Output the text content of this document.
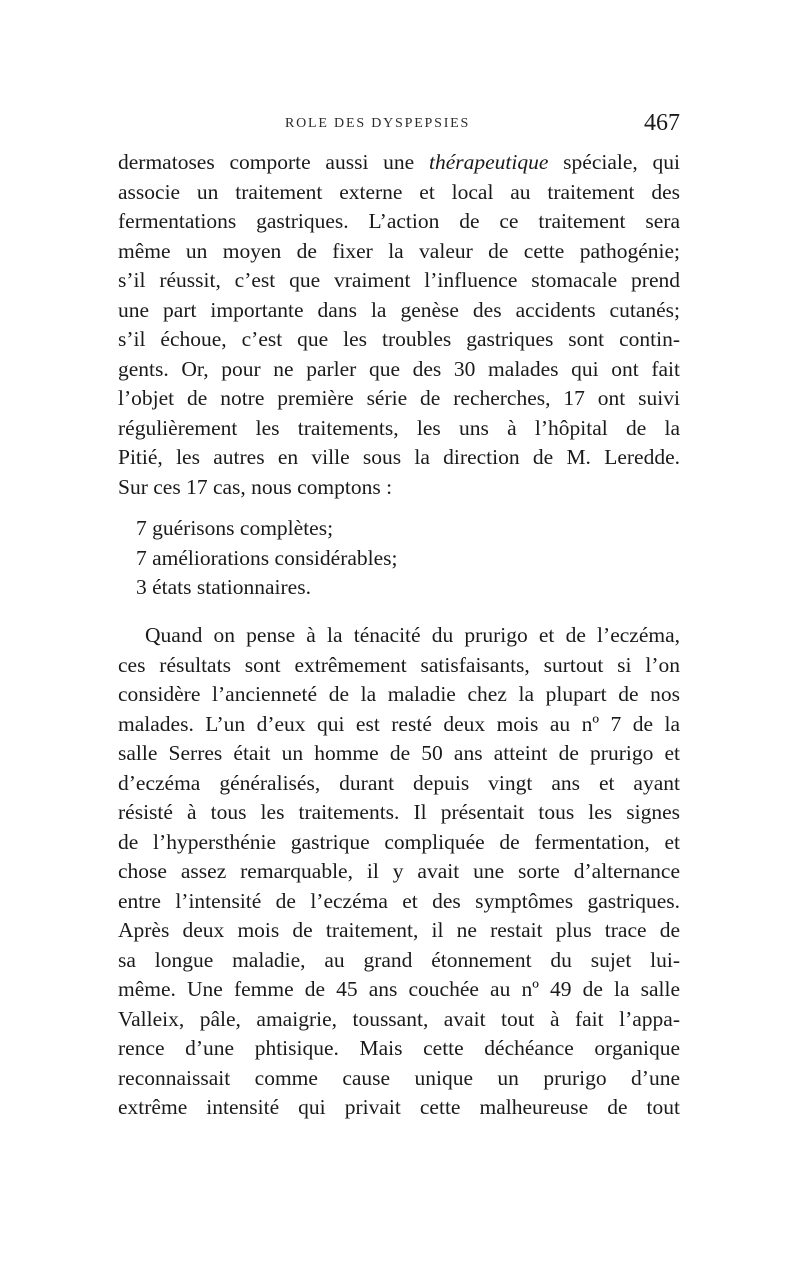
ROLE DES DYSPEPSIES	467
dermatoses comporte aussi une thérapeutique spéciale, qui
associe un traitement externe et local au traitement des
fermentations gastriques. L’action de ce traitement sera
même un moyen de fixer la valeur de cette pathogénie;
s’il réussit, c’est que vraiment l’influence stomacale prend
une part importante dans la genèse des accidents cutanés;
s’il échoue, c’est que les troubles gastriques sont contin-
gents. Or, pour ne parler que des 30 malades qui ont fait
l’objet de notre première série de recherches, 17 ont suivi
régulièrement les traitements, les uns à l’hôpital de la
Pitié, les autres en ville sous la direction de M. Leredde.
Sur ces 17 cas, nous comptons :
7 guérisons complètes;
7 améliorations considérables;
3 états stationnaires.
Quand on pense à la ténacité du prurigo et de l’eczéma,
ces résultats sont extrêmement satisfaisants, surtout si l’on
considère l’ancienneté de la maladie chez la plupart de nos
malades. L’un d’eux qui est resté deux mois au nº 7 de la
salle Serres était un homme de 50 ans atteint de prurigo et
d’eczéma généralisés, durant depuis vingt ans et ayant
résisté à tous les traitements. Il présentait tous les signes
de l’hypersthénie gastrique compliquée de fermentation, et
chose assez remarquable, il y avait une sorte d’alternance
entre l’intensité de l’eczéma et des symptômes gastriques.
Après deux mois de traitement, il ne restait plus trace de
sa longue maladie, au grand étonnement du sujet lui-
même. Une femme de 45 ans couchée au nº 49 de la salle
Valleix, pâle, amaigrie, toussant, avait tout à fait l’appa-
rence d’une phtisique. Mais cette déchéance organique
reconnaissait comme cause unique un prurigo d’une
extrême intensité qui privait cette malheureuse de tout
